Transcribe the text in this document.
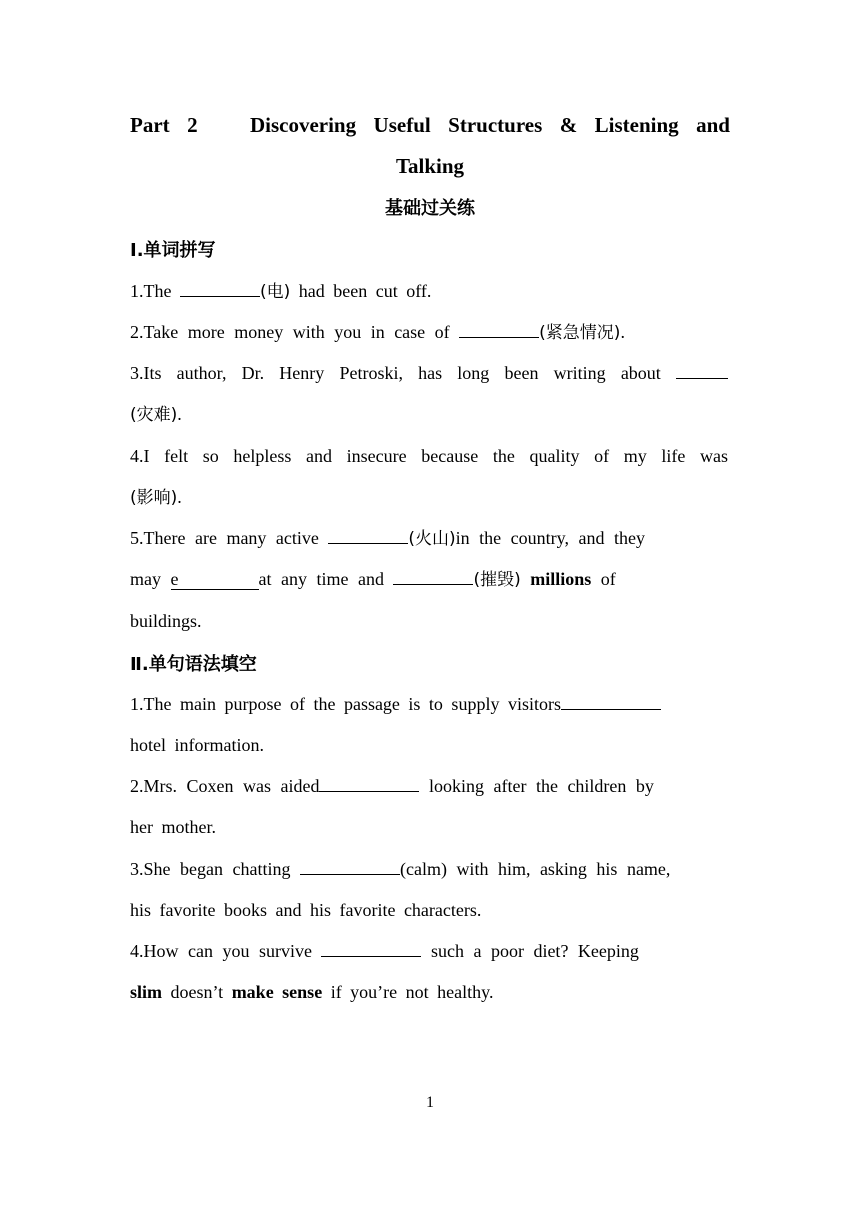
Part 2   Discovering Useful Structures & Listening and
Talking
基础过关练
Ⅰ.单词拼写
1.The	(电) had been cut off.
2.Take more money with you in case of	(紧急情况).
3.Its author, Dr. Henry Petroski, has long been writing about
(灾难).
4.I felt so helpless and insecure because the quality of my life was
(影响).
5.There are many active	(火山)in the country, and they
may e	at any time and	(摧毁) millions of
buildings.
Ⅱ.单句语法填空
1.The main purpose of the passage is to supply visitors
hotel information.
2.Mrs. Coxen was aided	looking after the children by
her mother.
3.She began chatting	(calm) with him, asking his name,
his favorite books and his favorite characters.
4.How can you survive	such a poor diet? Keeping
slim doesn’t make sense if you’re not healthy.
1
